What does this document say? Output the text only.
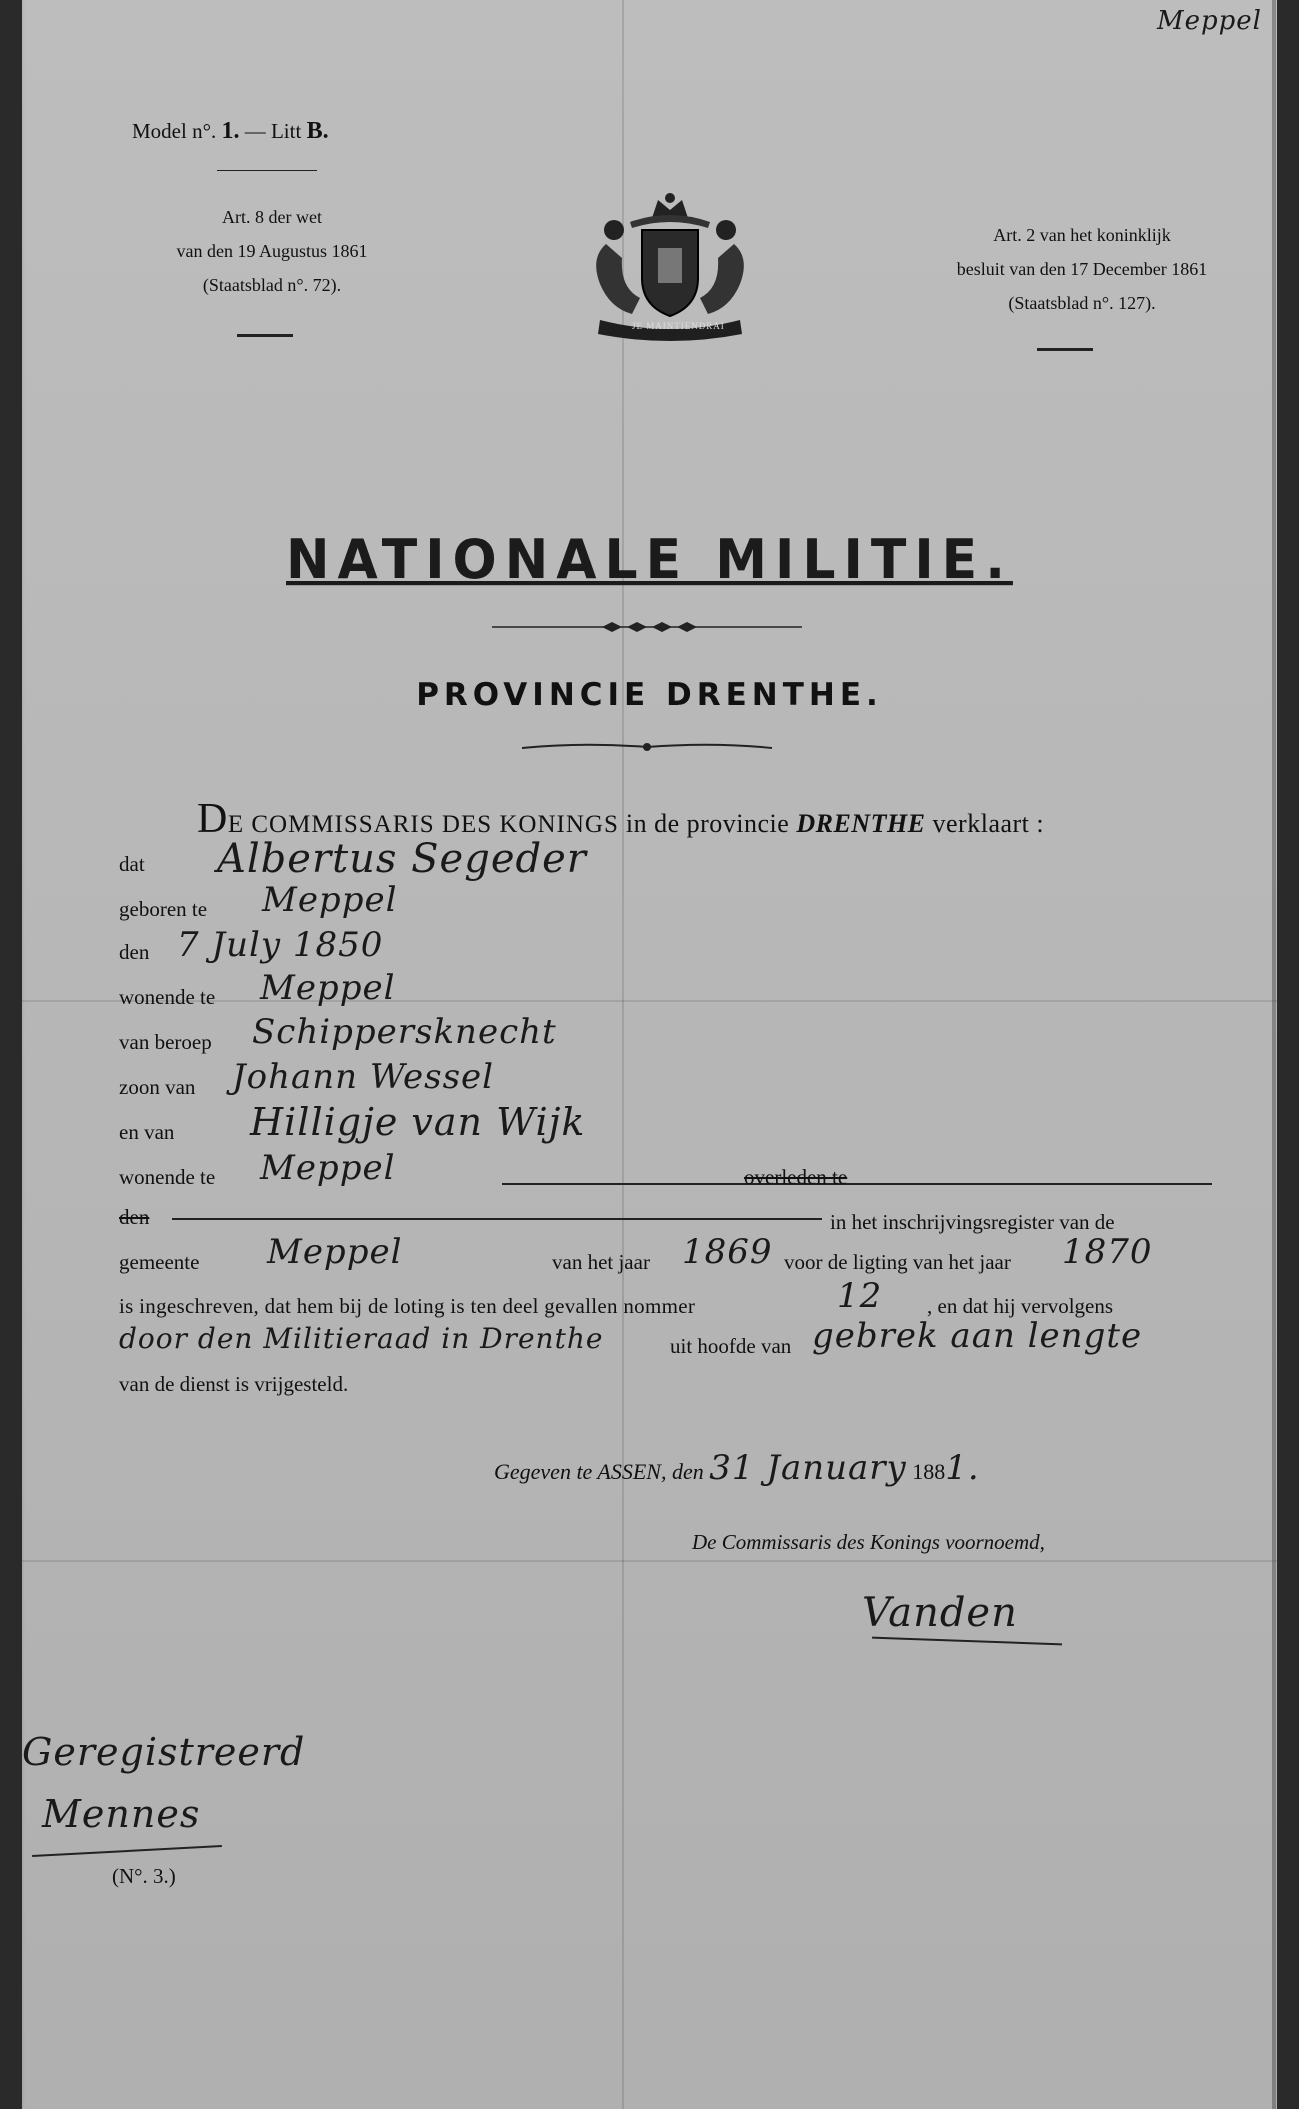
Meppel
Model n°. 1. — Litt B.
Art. 8 der wet
van den 19 Augustus 1861
(Staatsblad n°. 72).
JE MAINTIENDRAI
Art. 2 van het koninklijk
besluit van den 17 December 1861
(Staatsblad n°. 127).
NATIONALE MILITIE.
PROVINCIE DRENTHE.
DE COMMISSARIS DES KONINGS in de provincie DRENTHE verklaart :
dat Albertus Segeder
geboren te Meppel
den 7 July 1850
wonende te Meppel
van beroep Schippersknecht
zoon van Johann Wessel
en van Hilligje van Wijk
wonende te Meppel	overleden te
den	in het inschrijvingsregister van de
gemeente Meppel	van het jaar 1869 voor de ligting van het jaar 1870
is ingeschreven, dat hem bij de loting is ten deel gevallen nommer	12 , en dat hij vervolgens
door den Militieraad in Drenthe	uit hoofde van gebrek aan lengte
van de dienst is vrijgesteld.
Gegeven te ASSEN, den 31 January 1881.
De Commissaris des Konings voornoemd,
Vanden
Geregistreerd
Mennes
(N°. 3.)
